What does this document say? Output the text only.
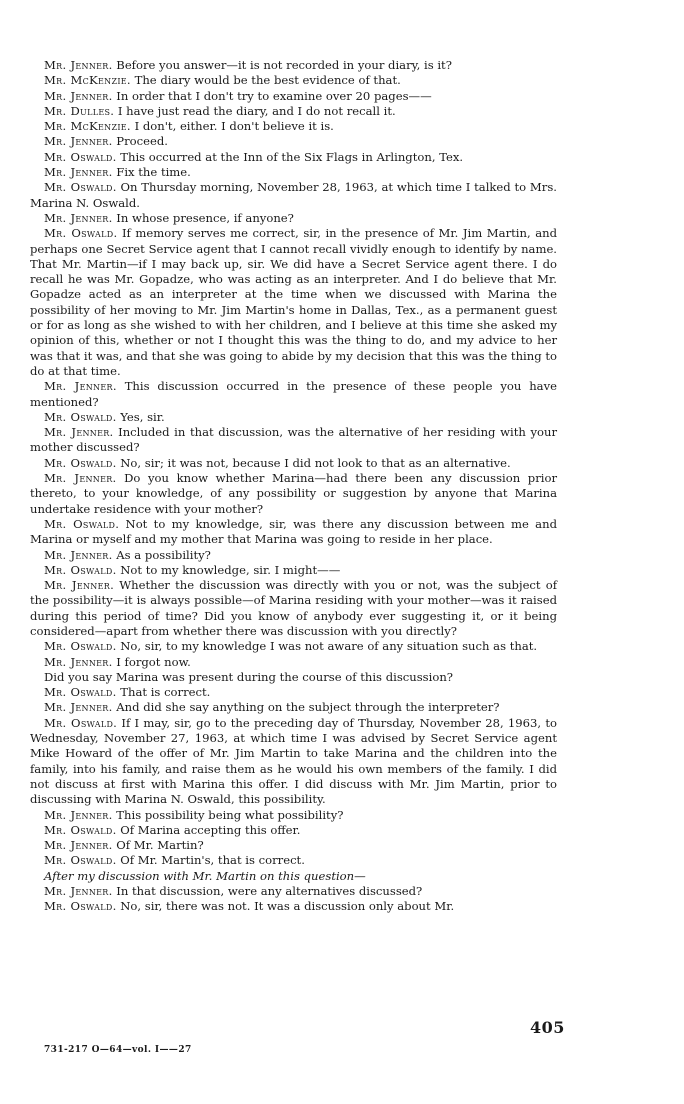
Mr. Jenner. Before you answer—it is not recorded in your diary, is it?

Mr. McKenzie. The diary would be the best evidence of that.

Mr. Jenner. In order that I don't try to examine over 20 pages——

Mr. Dulles. I have just read the diary, and I do not recall it.

Mr. McKenzie. I don't, either. I don't believe it is.

Mr. Jenner. Proceed.

Mr. Oswald. This occurred at the Inn of the Six Flags in Arlington, Tex.

Mr. Jenner. Fix the time.

Mr. Oswald. On Thursday morning, November 28, 1963, at which time I talked to Mrs. Marina N. Oswald.

Mr. Jenner. In whose presence, if anyone?

Mr. Oswald. If memory serves me correct, sir, in the presence of Mr. Jim Martin, and perhaps one Secret Service agent that I cannot recall vividly enough to identify by name. That Mr. Martin—if I may back up, sir. We did have a Secret Service agent there. I do recall he was Mr. Gopadze, who was acting as an interpreter. And I do believe that Mr. Gopadze acted as an interpreter at the time when we discussed with Marina the possibility of her moving to Mr. Jim Martin's home in Dallas, Tex., as a permanent guest or for as long as she wished to with her children, and I believe at this time she asked my opinion of this, whether or not I thought this was the thing to do, and my advice to her was that it was, and that she was going to abide by my decision that this was the thing to do at that time.

Mr. Jenner. This discussion occurred in the presence of these people you have mentioned?

Mr. Oswald. Yes, sir.

Mr. Jenner. Included in that discussion, was the alternative of her residing with your mother discussed?

Mr. Oswald. No, sir; it was not, because I did not look to that as an alternative.

Mr. Jenner. Do you know whether Marina—had there been any discussion prior thereto, to your knowledge, of any possibility or suggestion by anyone that Marina undertake residence with your mother?

Mr. Oswald. Not to my knowledge, sir, was there any discussion between me and Marina or myself and my mother that Marina was going to reside in her place.

Mr. Jenner. As a possibility?

Mr. Oswald. Not to my knowledge, sir. I might——

Mr. Jenner. Whether the discussion was directly with you or not, was the subject of the possibility—it is always possible—of Marina residing with your mother—was it raised during this period of time? Did you know of anybody ever suggesting it, or it being considered—apart from whether there was discussion with you directly?

Mr. Oswald. No, sir, to my knowledge I was not aware of any situation such as that.

Mr. Jenner. I forgot now.

Did you say Marina was present during the course of this discussion?

Mr. Oswald. That is correct.

Mr. Jenner. And did she say anything on the subject through the interpreter?

Mr. Oswald. If I may, sir, go to the preceding day of Thursday, November 28, 1963, to Wednesday, November 27, 1963, at which time I was advised by Secret Service agent Mike Howard of the offer of Mr. Jim Martin to take Marina and the children into the family, into his family, and raise them as he would his own members of the family. I did not discuss at first with Marina this offer. I did discuss with Mr. Jim Martin, prior to discussing with Marina N. Oswald, this possibility.

Mr. Jenner. This possibility being what possibility?

Mr. Oswald. Of Marina accepting this offer.

Mr. Jenner. Of Mr. Martin?

Mr. Oswald. Of Mr. Martin's, that is correct.

After my discussion with Mr. Martin on this question—

Mr. Jenner. In that discussion, were any alternatives discussed?

Mr. Oswald. No, sir, there was not. It was a discussion only about Mr.

405
731-217 O—64—vol. I——27
